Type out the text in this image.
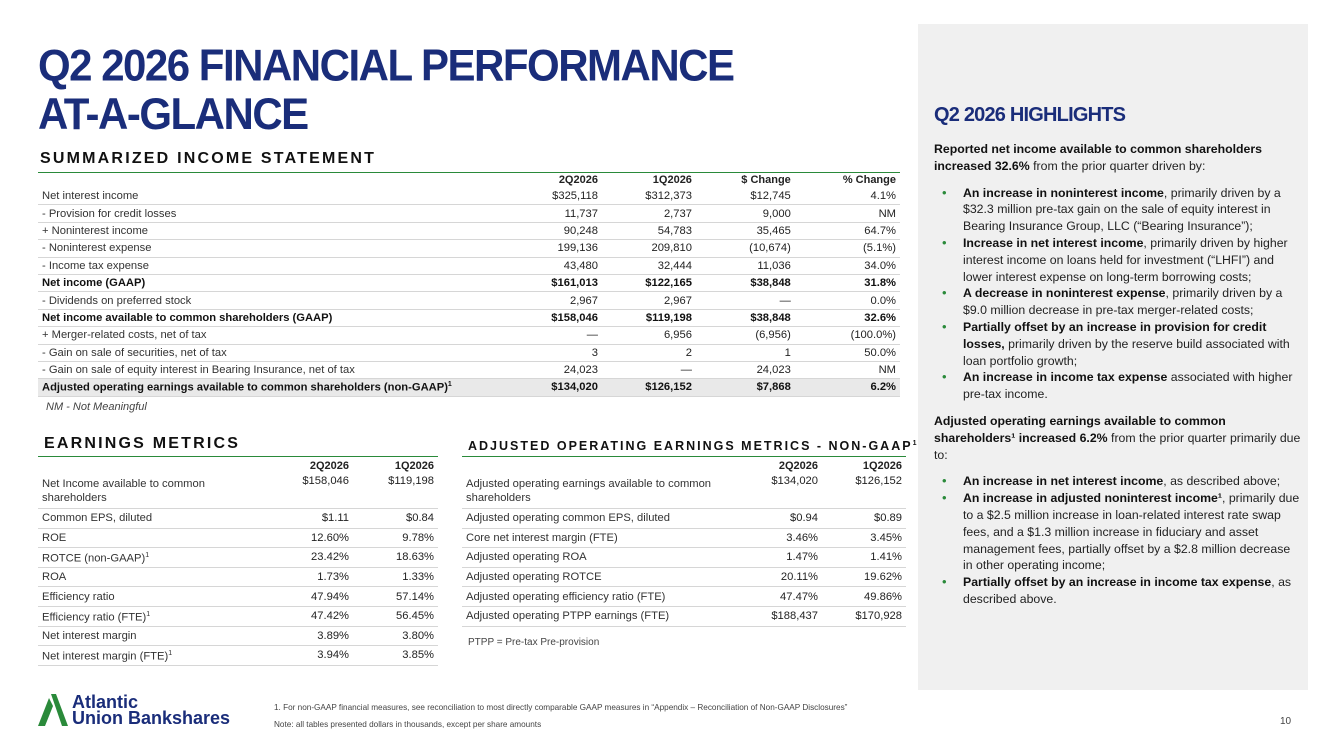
Q2 2026 FINANCIAL PERFORMANCE
AT-A-GLANCE
SUMMARIZED INCOME STATEMENT
	2Q2026	1Q2026	$ Change	% Change
Net interest income	$325,118	$312,373	$12,745	4.1%
- Provision for credit losses	11,737	2,737	9,000	NM
+ Noninterest income	90,248	54,783	35,465	64.7%
- Noninterest expense	199,136	209,810	(10,674)	(5.1%)
- Income tax expense	43,480	32,444	11,036	34.0%
Net income (GAAP)	$161,013	$122,165	$38,848	31.8%
- Dividends on preferred stock	2,967	2,967	—	0.0%
Net income available to common shareholders (GAAP)	$158,046	$119,198	$38,848	32.6%
+ Merger-related costs, net of tax	—	6,956	(6,956)	(100.0%)
- Gain on sale of securities, net of tax	3	2	1	50.0%
- Gain on sale of equity interest in Bearing Insurance, net of tax	24,023	—	24,023	NM
Adjusted operating earnings available to common shareholders (non-GAAP)$^1$	$134,020	$126,152	$7,868	6.2%
NM - Not Meaningful
EARNINGS METRICS
	2Q2026	1Q2026
Net Income available to common shareholders	$158,046	$119,198
Common EPS, diluted	$1.11	$0.84
ROE	12.60%	9.78%
ROTCE (non-GAAP)$^1$	23.42%	18.63%
ROA	1.73%	1.33%
Efficiency ratio	47.94%	57.14%
Efficiency ratio (FTE)$^1$	47.42%	56.45%
Net interest margin	3.89%	3.80%
Net interest margin (FTE)$^1$	3.94%	3.85%
ADJUSTED OPERATING EARNINGS METRICS - NON-GAAP$^1$
	2Q2026	1Q2026
Adjusted operating earnings available to common shareholders	$134,020	$126,152
Adjusted operating common EPS, diluted	$0.94	$0.89
Core net interest margin (FTE)	3.46%	3.45%
Adjusted operating ROA	1.47%	1.41%
Adjusted operating ROTCE	20.11%	19.62%
Adjusted operating efficiency ratio (FTE)	47.47%	49.86%
Adjusted operating PTPP earnings (FTE)	$188,437	$170,928
PTPP = Pre-tax Pre-provision
Q2 2026 HIGHLIGHTS

Reported net income available to common shareholders increased 32.6% from the prior quarter driven by:

• An increase in noninterest income, primarily driven by a $32.3 million pre-tax gain on the sale of equity interest in Bearing Insurance Group, LLC (“Bearing Insurance”);
• Increase in net interest income, primarily driven by higher interest income on loans held for investment (“LHFI”) and lower interest expense on long-term borrowing costs;
• A decrease in noninterest expense, primarily driven by a $9.0 million decrease in pre-tax merger-related costs;
• Partially offset by an increase in provision for credit losses, primarily driven by the reserve build associated with loan portfolio growth;
• An increase in income tax expense associated with higher pre-tax income.

Adjusted operating earnings available to common shareholders¹ increased 6.2% from the prior quarter primarily due to:

• An increase in net interest income, as described above;
• An increase in adjusted noninterest income¹, primarily due to a $2.5 million increase in loan-related interest rate swap fees, and a $1.3 million increase in fiduciary and asset management fees, partially offset by a $2.8 million decrease in other operating income;
• Partially offset by an increase in income tax expense, as described above.
Atlantic
Union Bankshares
1. For non-GAAP financial measures, see reconciliation to most directly comparable GAAP measures in “Appendix – Reconciliation of Non-GAAP Disclosures”
Note: all tables presented dollars in thousands, except per share amounts	10
